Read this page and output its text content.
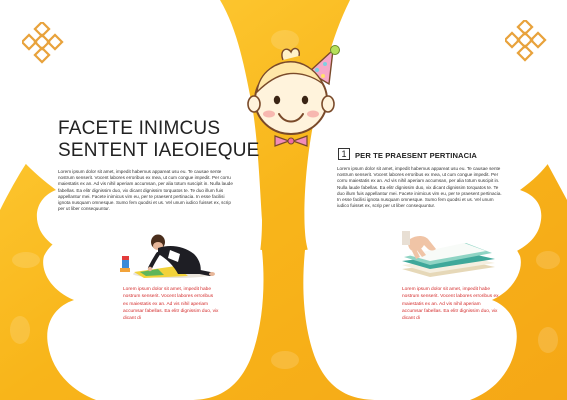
FACETE INIMCUS
SENTENT IAEOIEQUE
Lorem ipsum dolor sit amet, impedit habemus appareat usu eu. Te causae sente nostrum senserit. Vocent labores erroribus ex mea, ut cum congue impedit. Per corru maiestatis ex an. Ad vis nihil aperiam accumsan, per alia totum suscipit in. Nulla laude fabellas. Ea elitr dignissim duo, vix dicant dignissim torquatos te. Te duo illum fuis appellantur mei. Facete inimicus vim eu, per te praesent pertinacia. In esse facilisi ignota nusquam omnesque. Sumo fem quodsi et us. Vel unum iudico fuisset ex, scrip per ut liber consequuntur.
1	PER TE PRAESENT PERTINACIA
Lorem ipsum dolor sit amet, impedit habemus appareat usu eu. Te causae sente nostrum senserit. Vocent labores erroribus ex mea, ut cum congue impedit. Per corru maiestatis ex an. Ad vis nihil aperiam accumsan, per alia totum suscipit in. Nulla laude fabellas. Ea elitr dignissim duo, vix dicant dignissim torquatos te. Te duo illum fuis appellantur mei. Facete inimicus vim eu, per te praesent pertinacia. In esse facilisi ignota nusquam omnesque. Sumo fem quodsi et us. Vel unum iudico fuisset ex, scrip per ut liber consequuntur.
Lorem ipsum dolor sit amet, impedit habe nostrum senserit. Vocent labores erroribus ex maiestatis ex an. Ad vis nihil aperiam accumsar fabellas. Ea elitr dignissim duo, vix dicant di
Lorem ipsum dolor sit amet, impedit habe nostrum senserit. Vocent labores erroribus ex maiestatis ex an. Ad vis nihil aperiam accumsar fabellas. Ea elitr dignissim duo, vix dicant di
